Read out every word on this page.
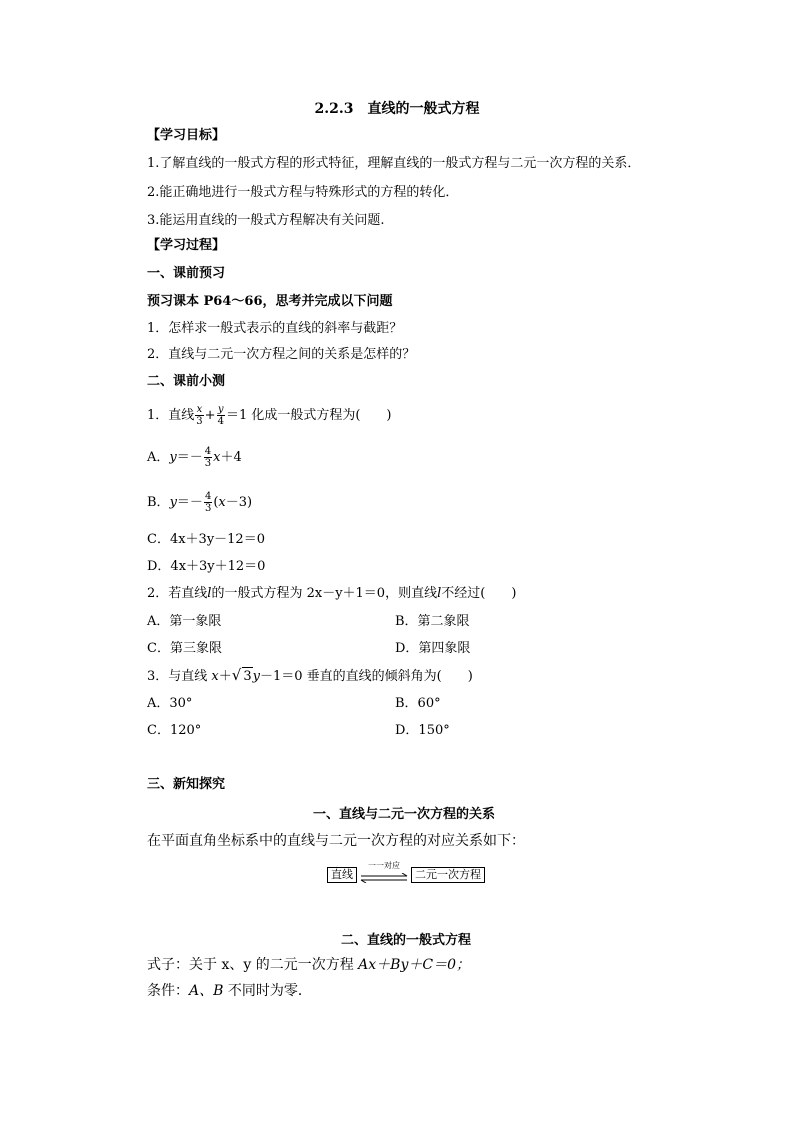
2.2.3　直线的一般式方程
【学习目标】
1.了解直线的一般式方程的形式特征，理解直线的一般式方程与二元一次方程的关系．
2.能正确地进行一般式方程与特殊形式的方程的转化．
3.能运用直线的一般式方程解决有关问题.
【学习过程】
一、课前预习
预习课本 P64～66，思考并完成以下问题
1．怎样求一般式表示的直线的斜率与截距？
2．直线与二元一次方程之间的关系是怎样的？
二、课前小测
1．直线 $\frac{x}{3} + \frac{y}{4} =1$ 化成一般式方程为(　　)
A．$y=- \frac{4}{3} x+4$
B．$y=- \frac{4}{3} (x-3)$
C．4x＋3y－12＝0
D．4x＋3y＋12＝0
2．若直线l的一般式方程为 2x－y＋1＝0，则直线l不经过(　　)
A．第一象限	B．第二象限
C．第三象限	D．第四象限
3．与直线 x＋√ 3y－1＝0 垂直的直线的倾斜角为(　　)
A．30°	B．60°
C．120°	D．150°
三、新知探究
一、直线与二元一次方程的关系
在平面直角坐标系中的直线与二元一次方程的对应关系如下：
直线
一一对应
二元一次方程
二、直线的一般式方程
式子：关于 x、y 的二元一次方程 Ax＋By＋C＝0；
条件：A、B 不同时为零．
